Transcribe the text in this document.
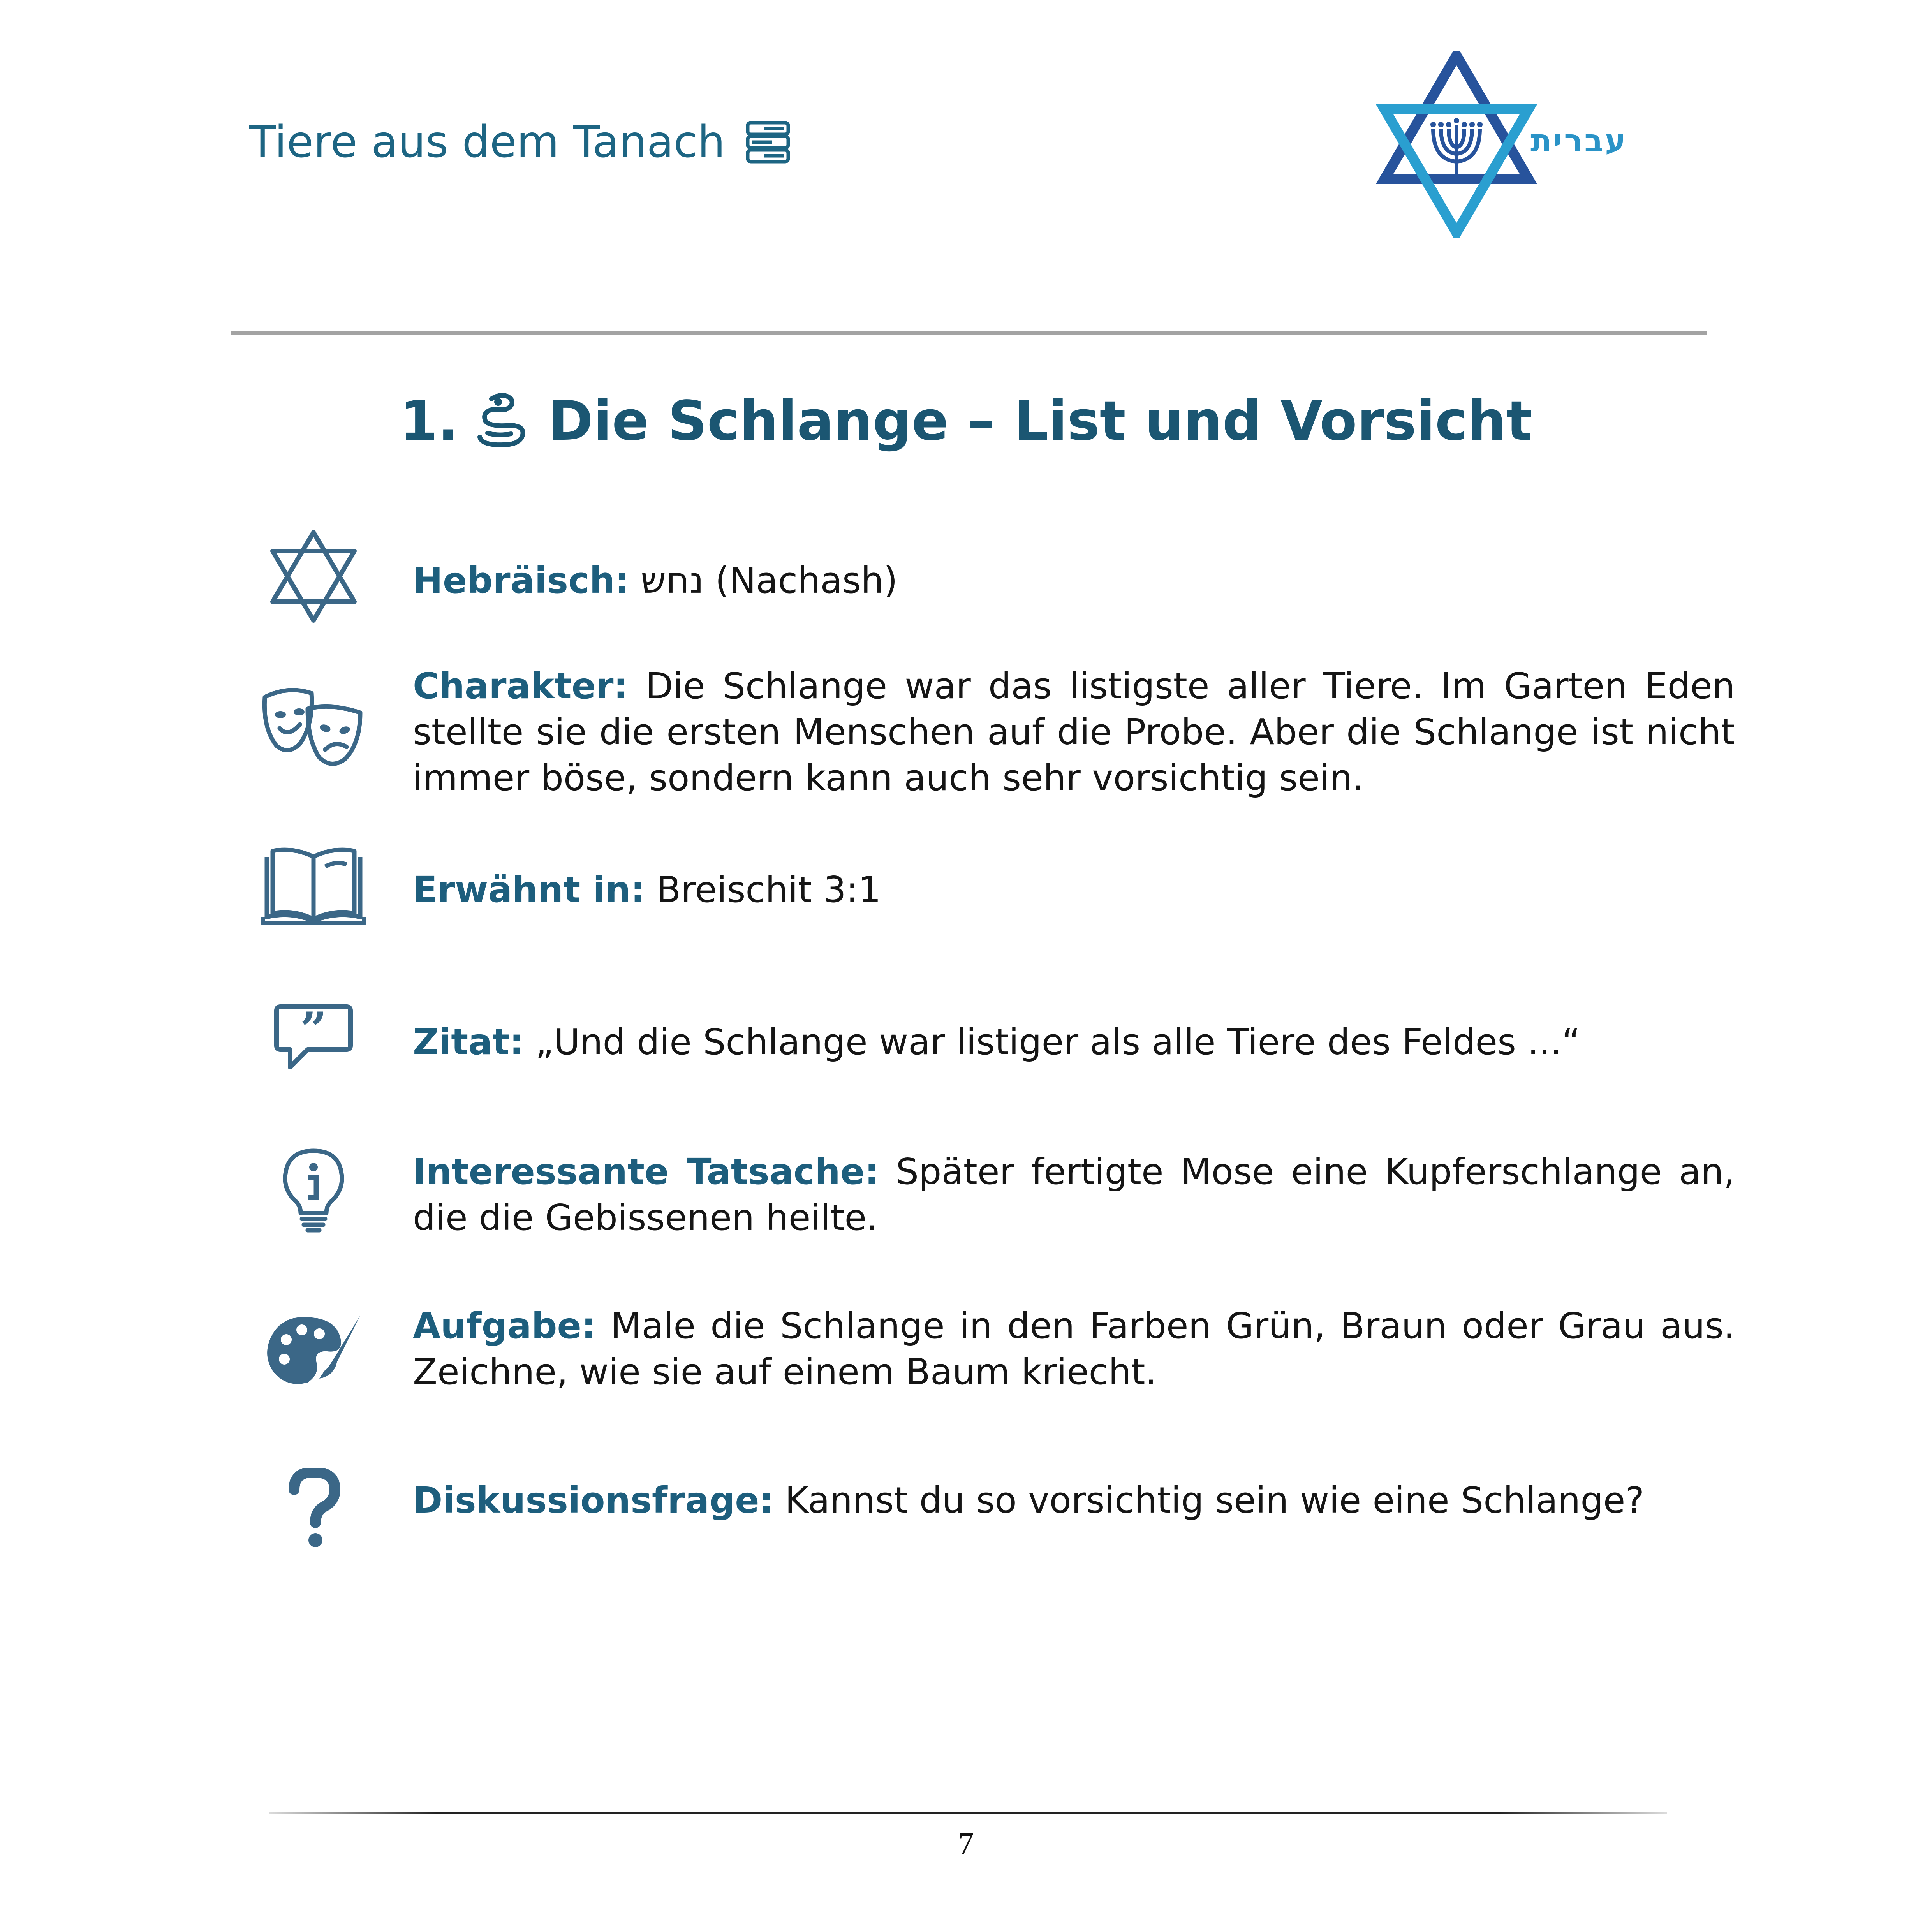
Tiere aus dem Tanach	עברית
1. Die Schlange – List und Vorsicht
Hebräisch: נחש (Nachash)
Charakter: Die Schlange war das listigste aller Tiere. Im Garten Eden stellte sie die ersten Menschen auf die Probe. Aber die Schlange ist nicht immer böse, sondern kann auch sehr vorsichtig sein.
Erwähnt in: Breischit 3:1
” Zitat: „Und die Schlange war listiger als alle Tiere des Feldes ...“
Interessante Tatsache: Später fertigte Mose eine Kupferschlange an, die die Gebissenen heilte.
Aufgabe: Male die Schlange in den Farben Grün, Braun oder Grau aus. Zeichne, wie sie auf einem Baum kriecht.
Diskussionsfrage: Kannst du so vorsichtig sein wie eine Schlange?
7
